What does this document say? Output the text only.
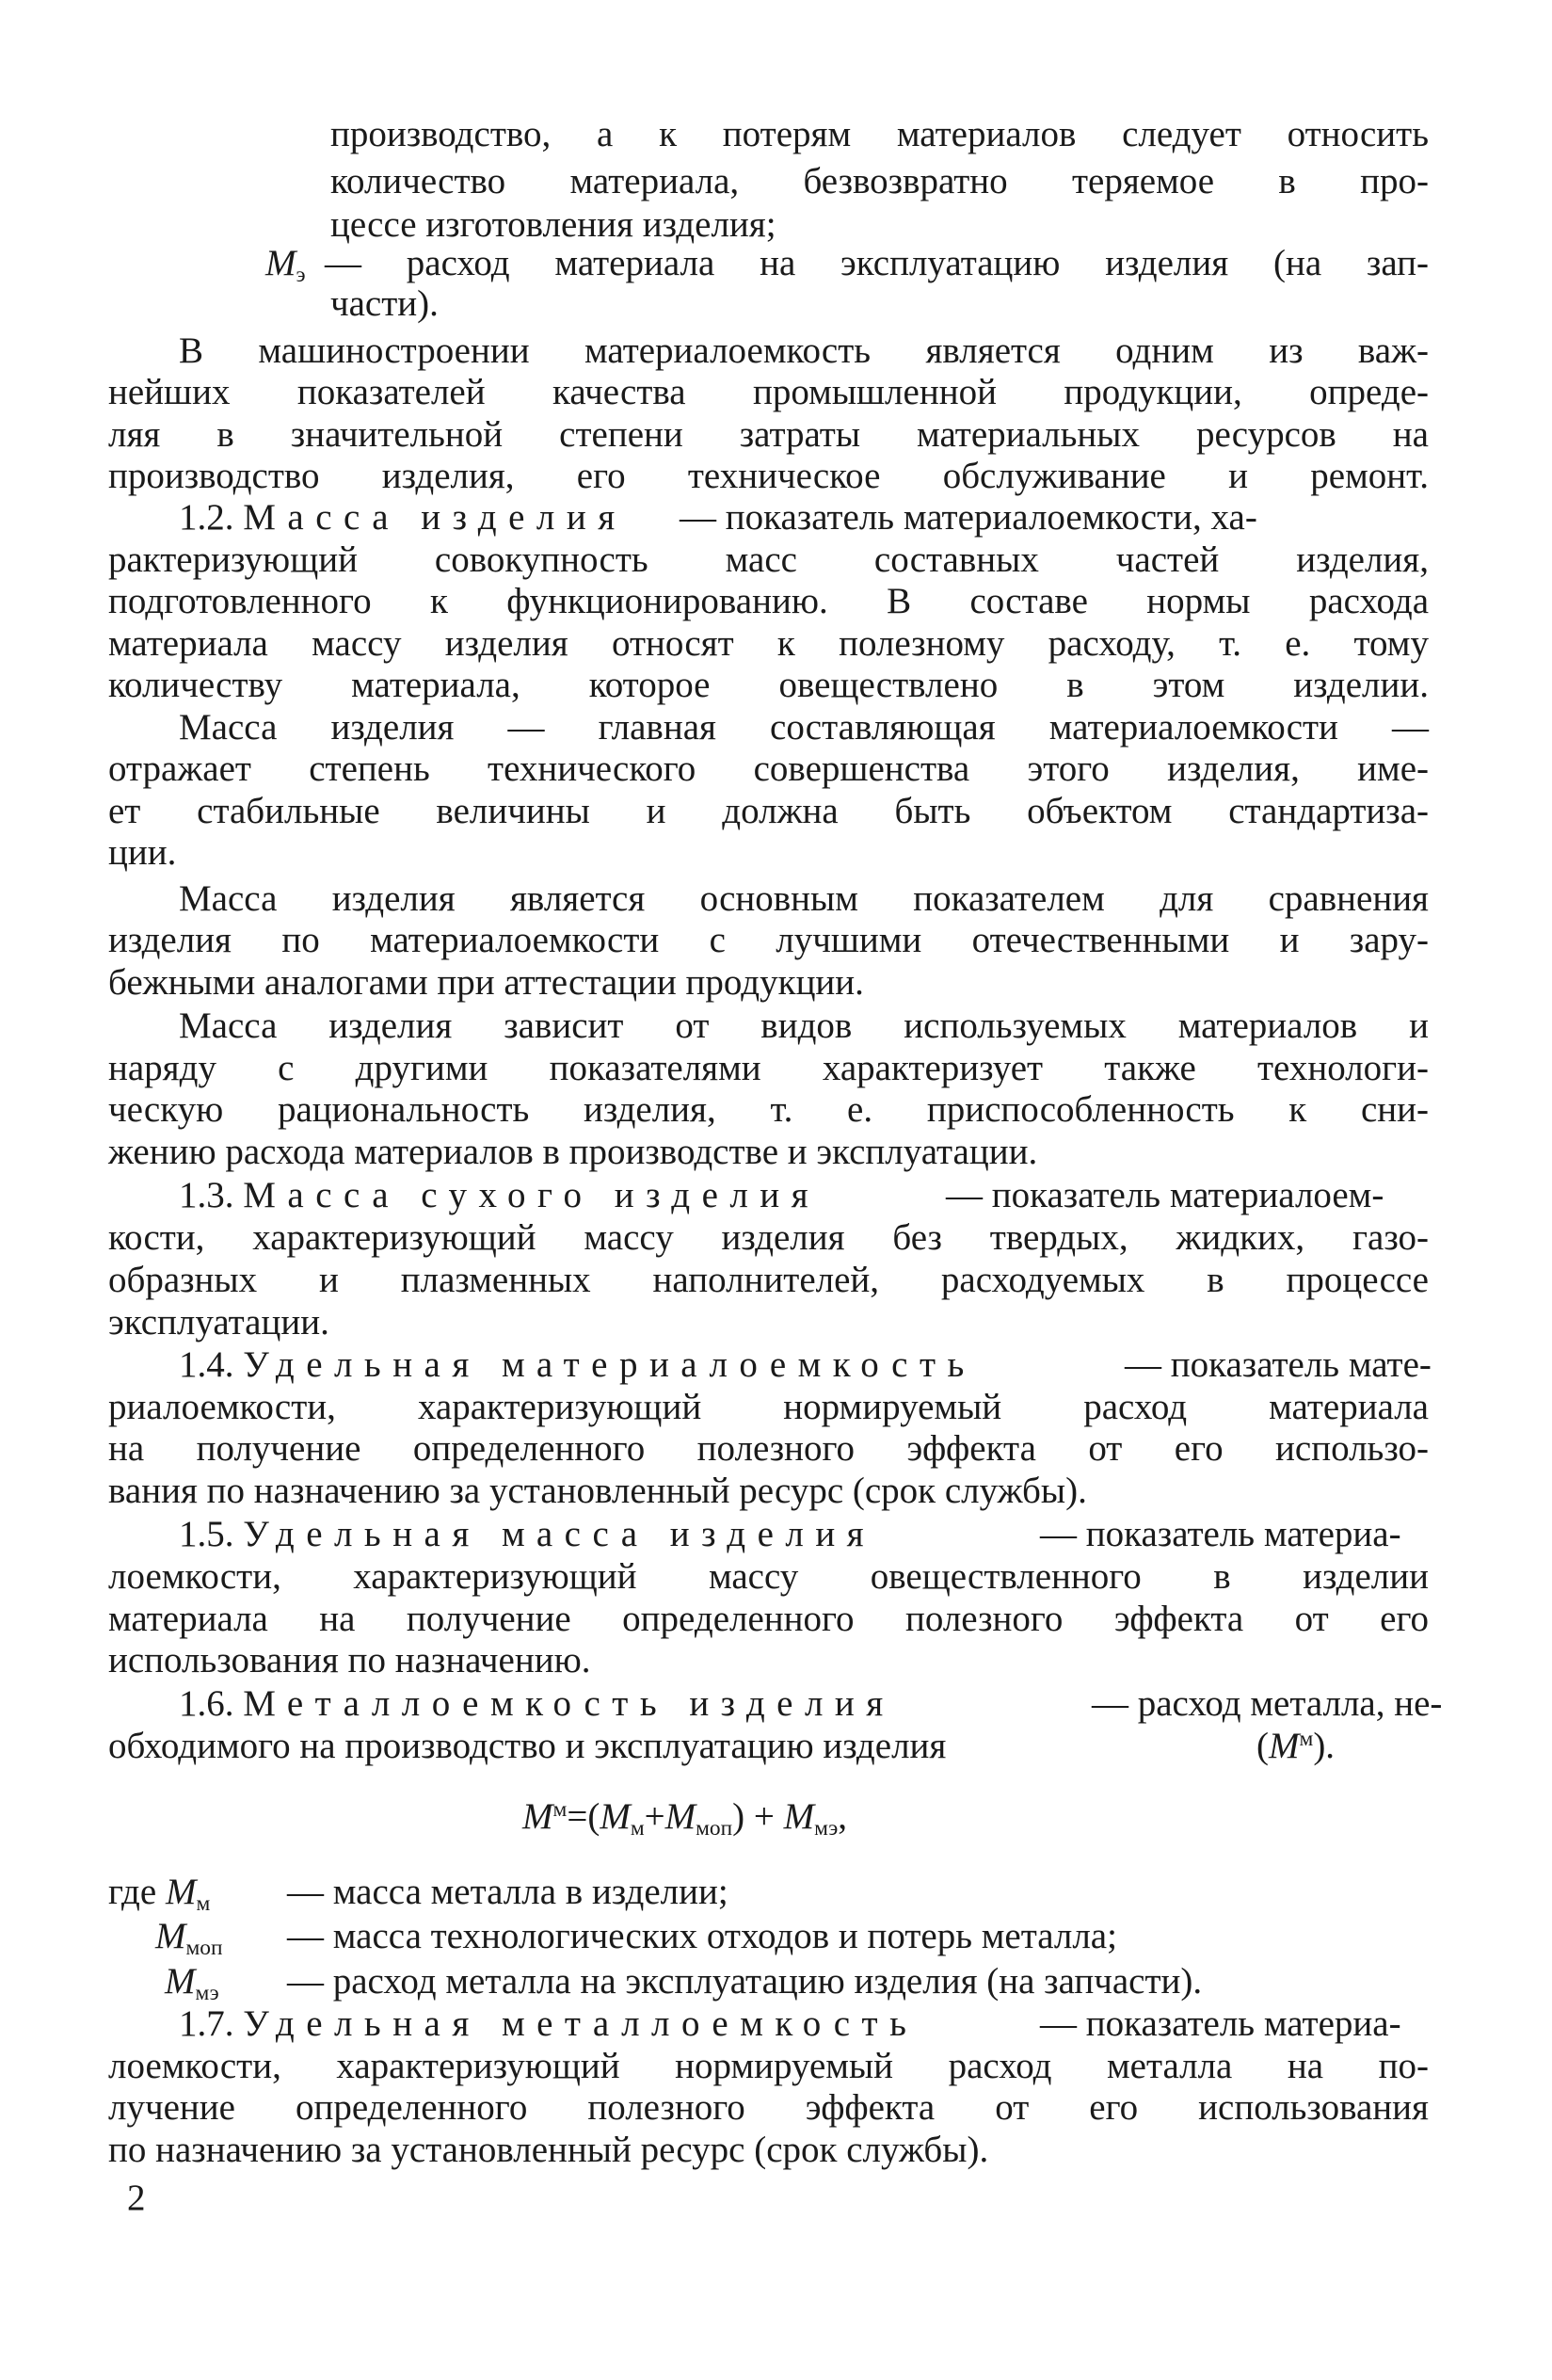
производство, а к потерям материалов следует относить

количество материала, безвозвратно теряемое в про-

цессе изготовления изделия;

$M_э$ — расход материала на эксплуатацию изделия (на зап-

части).

В машиностроении материалоемкость является одним из важ-

нейших показателей качества промышленной продукции, опреде-

ляя в значительной степени затраты материальных ресурсов на

производство изделия, его техническое обслуживание и ремонт.

1.2. Масса изделия — показатель материалоемкости, ха-

рактеризующий совокупность масс составных частей изделия,

подготовленного к функционированию. В составе нормы расхода

материала массу изделия относят к полезному расходу, т. е. тому

количеству материала, которое овеществлено в этом изделии.

Масса изделия — главная составляющая материалоемкости —

отражает степень технического совершенства этого изделия, име-

ет стабильные величины и должна быть объектом стандартиза-

ции.

Масса изделия является основным показателем для сравнения

изделия по материалоемкости с лучшими отечественными и зару-

бежными аналогами при аттестации продукции.

Масса изделия зависит от видов используемых материалов и

наряду с другими показателями характеризует также технологи-

ческую рациональность изделия, т. е. приспособленность к сни-

жению расхода материалов в производстве и эксплуатации.

1.3. Масса сухого изделия	— показатель материалоем-

кости, характеризующий массу изделия без твердых, жидких, газо-

образных и плазменных наполнителей, расходуемых в процессе

эксплуатации.

1.4. Удельная материалоемкость	— показатель мате-

риалоемкости, характеризующий нормируемый расход материала

на получение определенного полезного эффекта от его использо-

вания по назначению за установленный ресурс (срок службы).

1.5. Удельная масса изделия	— показатель материа-

лоемкости, характеризующий массу овеществленного в изделии

материала на получение определенного полезного эффекта от его

использования по назначению.

1.6. Металлоемкость изделия	— расход металла, не-

обходимого на производство и эксплуатацию изделия	$(M^м)$.

$M^м=(M_м+M_{моп}) + M_{мэ}$,

где $M_м$ — масса металла в изделии;

$M_{моп}$ — масса технологических отходов и потерь металла;

$M_{мэ}$ — расход металла на эксплуатацию изделия (на запчасти).

1.7. Удельная металлоемкость	— показатель материа-

лоемкости, характеризующий нормируемый расход металла на по-

лучение определенного полезного эффекта от его использования

по назначению за установленный ресурс (срок службы).

2
